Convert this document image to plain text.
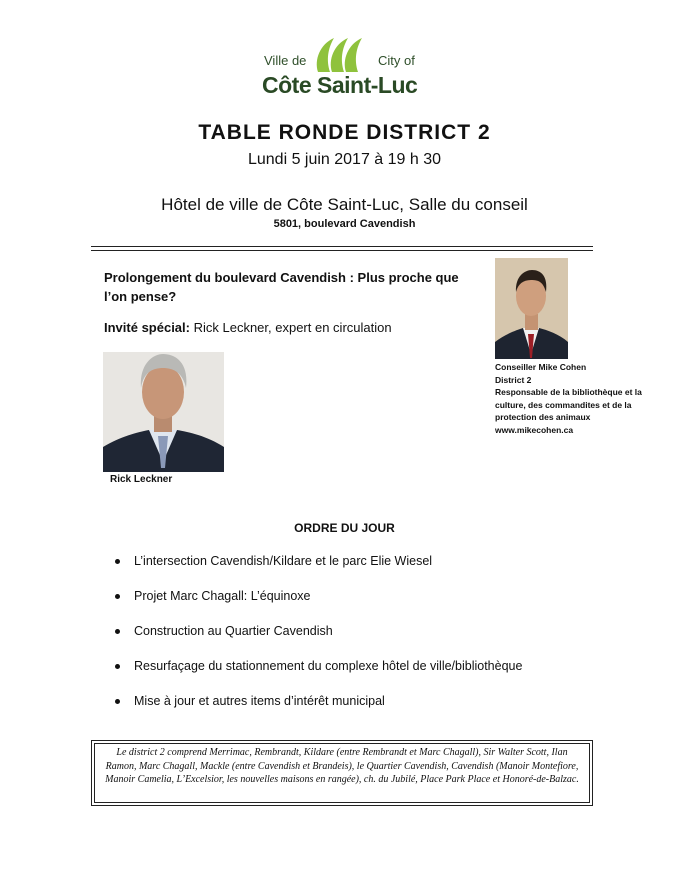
Ville de	City of
Côte Saint-Luc
TABLE RONDE DISTRICT 2
Lundi 5 juin 2017 à 19 h 30
Hôtel de ville de Côte Saint-Luc, Salle du conseil
5801, boulevard Cavendish
Prolongement du boulevard Cavendish : Plus proche que l’on pense?
Invité spécial: Rick Leckner, expert en circulation
Rick Leckner
Conseiller Mike Cohen
District 2
Responsable de la bibliothèque et la culture, des commandites et de la protection des animaux
www.mikecohen.ca
ORDRE DU JOUR
L’intersection Cavendish/Kildare et le parc Elie Wiesel
Projet Marc Chagall: L’équinoxe
Construction au Quartier Cavendish
Resurfaçage du stationnement du complexe hôtel de ville/bibliothèque
Mise à jour et autres items d’intérêt municipal
Le district 2 comprend Merrimac, Rembrandt, Kildare (entre Rembrandt et Marc Chagall), Sir Walter Scott, Ilan Ramon, Marc Chagall, Mackle (entre Cavendish et Brandeis), le Quartier Cavendish, Cavendish (Manoir Montefiore, Manoir Camelia, L’Excelsior, les nouvelles maisons en rangée), ch. du Jubilé, Place Park Place et Honoré-de-Balzac.
